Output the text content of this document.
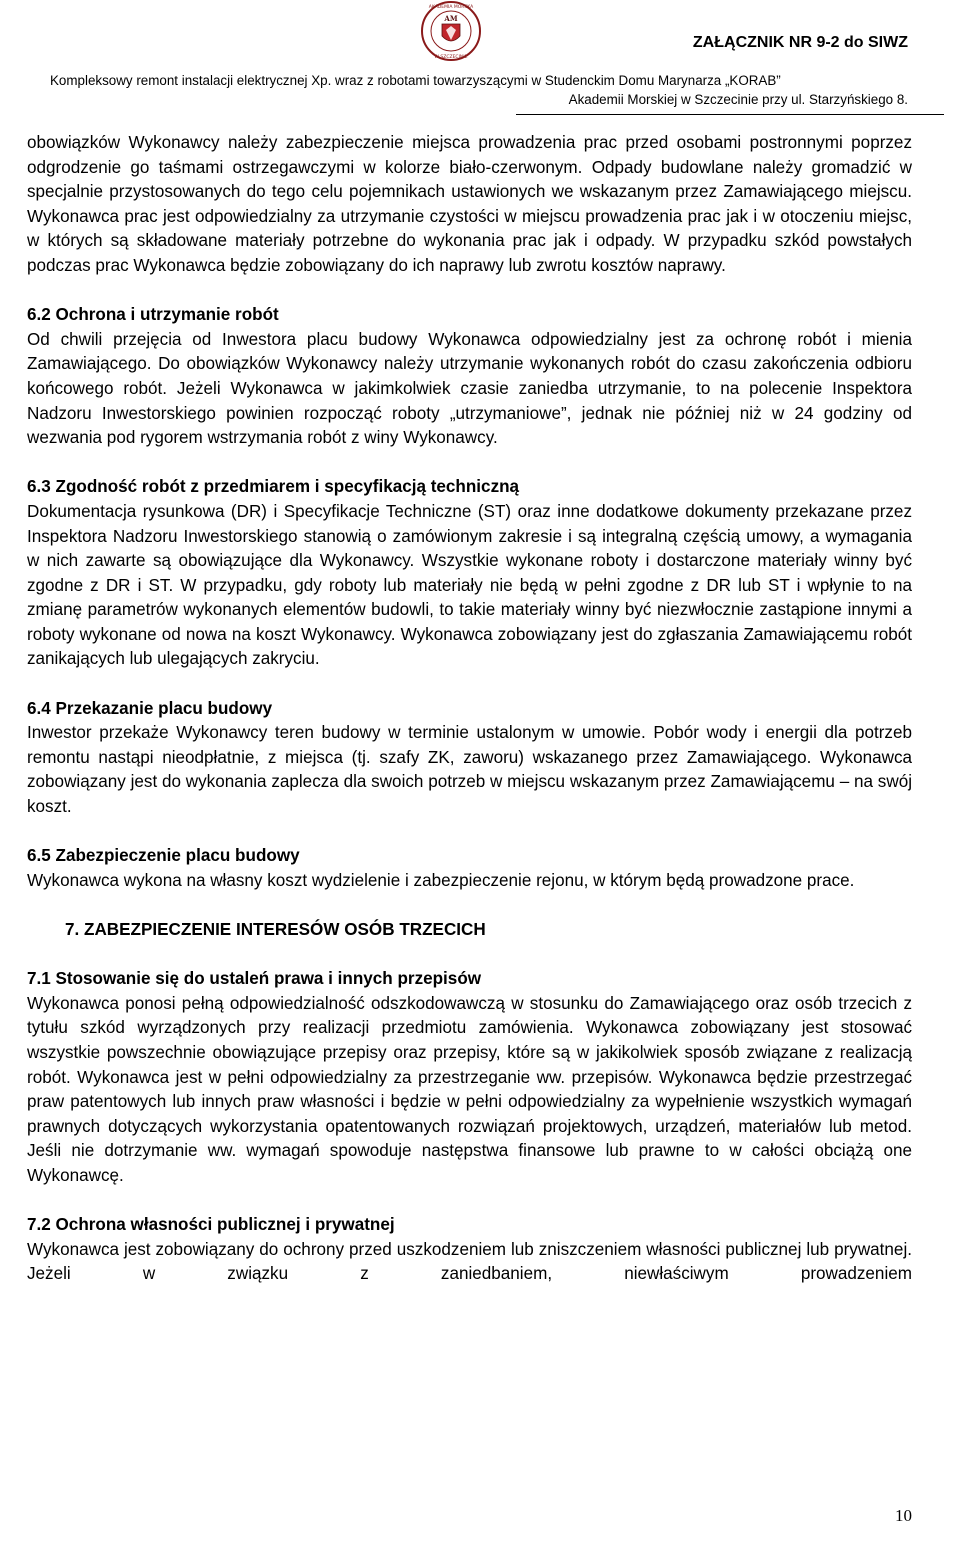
AM
AKADEMIA MORSKA
W SZCZECINIE
ZAŁĄCZNIK NR 9-2 do SIWZ
Kompleksowy remont instalacji elektrycznej Xp. wraz z robotami towarzyszącymi w Studenckim Domu Marynarza „KORAB”
Akademii Morskiej w Szczecinie przy ul. Starzyńskiego 8.

obowiązków Wykonawcy należy zabezpieczenie miejsca prowadzenia prac przed osobami postronnymi poprzez odgrodzenie go taśmami ostrzegawczymi w kolorze biało-czerwonym. Odpady budowlane należy gromadzić w specjalnie przystosowanych do tego celu pojemnikach ustawionych we wskazanym przez Zamawiającego miejscu. Wykonawca prac jest odpowiedzialny za utrzymanie czystości w miejscu prowadzenia prac jak i w otoczeniu miejsc, w których są składowane materiały potrzebne do wykonania prac jak i odpady. W przypadku szkód powstałych podczas prac Wykonawca będzie zobowiązany do ich naprawy lub zwrotu kosztów naprawy.

6.2 Ochrona i utrzymanie robót

Od chwili przejęcia od Inwestora placu budowy Wykonawca odpowiedzialny jest za ochronę robót i mienia Zamawiającego. Do obowiązków Wykonawcy należy utrzymanie wykonanych robót do czasu zakończenia odbioru końcowego robót. Jeżeli Wykonawca w jakimkolwiek czasie zaniedba utrzymanie, to na polecenie Inspektora Nadzoru Inwestorskiego powinien rozpocząć roboty „utrzymaniowe”, jednak nie później niż w 24 godziny od wezwania pod rygorem wstrzymania robót z winy Wykonawcy.

6.3 Zgodność robót z przedmiarem i specyfikacją techniczną

Dokumentacja rysunkowa (DR) i Specyfikacje Techniczne (ST) oraz inne dodatkowe dokumenty przekazane przez Inspektora Nadzoru Inwestorskiego stanowią o zamówionym zakresie i są integralną częścią umowy, a wymagania w nich zawarte są obowiązujące dla Wykonawcy. Wszystkie wykonane roboty i dostarczone materiały winny być zgodne z DR i ST. W przypadku, gdy roboty lub materiały nie będą w pełni zgodne z DR lub ST i wpłynie to na zmianę parametrów wykonanych elementów budowli, to takie materiały winny być niezwłocznie zastąpione innymi a roboty wykonane od nowa na koszt Wykonawcy. Wykonawca zobowiązany jest do zgłaszania Zamawiającemu robót zanikających lub ulegających zakryciu.

6.4 Przekazanie placu budowy

Inwestor przekaże Wykonawcy teren budowy w terminie ustalonym w umowie. Pobór wody i energii dla potrzeb remontu nastąpi nieodpłatnie, z miejsca (tj. szafy ZK, zaworu) wskazanego przez Zamawiającego. Wykonawca zobowiązany jest do wykonania zaplecza dla swoich potrzeb w miejscu wskazanym przez Zamawiającemu – na swój koszt.

6.5 Zabezpieczenie placu budowy

Wykonawca wykona na własny koszt wydzielenie i zabezpieczenie rejonu, w którym będą prowadzone prace.

7. ZABEZPIECZENIE INTERESÓW OSÓB TRZECICH
7.1 Stosowanie się do ustaleń prawa i innych przepisów

Wykonawca ponosi pełną odpowiedzialność odszkodowawczą w stosunku do Zamawiającego oraz osób trzecich z tytułu szkód wyrządzonych przy realizacji przedmiotu zamówienia. Wykonawca zobowiązany jest stosować wszystkie powszechnie obowiązujące przepisy oraz przepisy, które są w jakikolwiek sposób związane z realizacją robót. Wykonawca jest w pełni odpowiedzialny za przestrzeganie ww. przepisów. Wykonawca będzie przestrzegać praw patentowych lub innych praw własności i będzie w pełni odpowiedzialny za wypełnienie wszystkich wymagań prawnych dotyczących wykorzystania opatentowanych rozwiązań projektowych, urządzeń, materiałów lub metod. Jeśli nie dotrzymanie ww. wymagań spowoduje następstwa finansowe lub prawne to w całości obciążą one Wykonawcę.

7.2 Ochrona własności publicznej i prywatnej

Wykonawca jest zobowiązany do ochrony przed uszkodzeniem lub zniszczeniem własności publicznej lub prywatnej. Jeżeli w związku z zaniedbaniem, niewłaściwym prowadzeniem

10
